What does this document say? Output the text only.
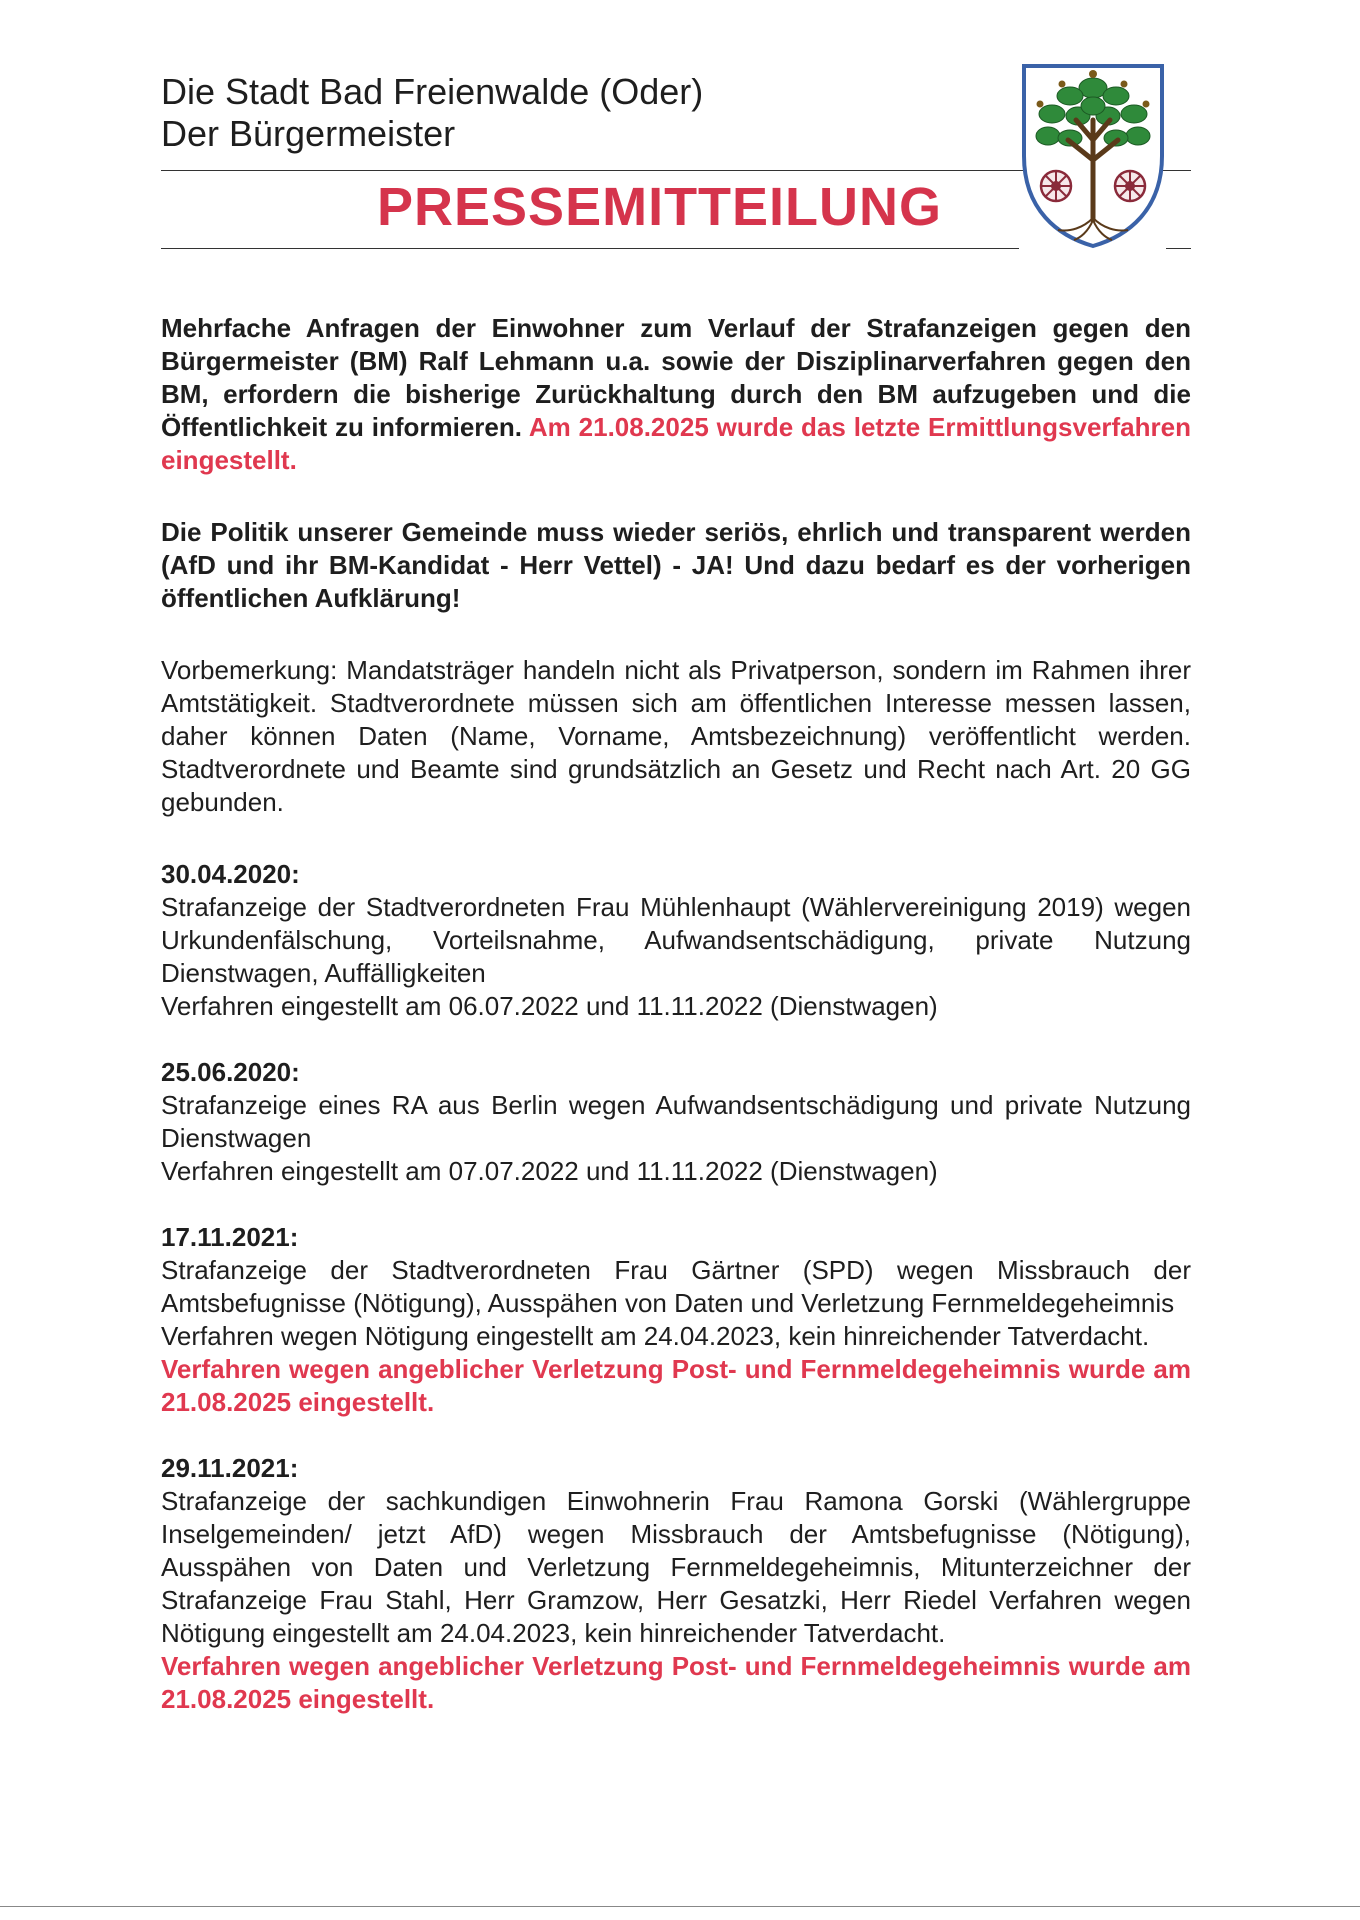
Die Stadt Bad Freienwalde (Oder)
Der Bürgermeister
PRESSEMITTEILUNG

Mehrfache Anfragen der Einwohner zum Verlauf der Strafanzeigen gegen den Bürgermeister (BM) Ralf Lehmann u.a. sowie der Disziplinarverfahren gegen den BM, erfordern die bisherige Zurückhaltung durch den BM aufzugeben und die Öffentlichkeit zu informieren. Am 21.08.2025 wurde das letzte Ermittlungsverfahren eingestellt.

Die Politik unserer Gemeinde muss wieder seriös, ehrlich und transparent werden (AfD und ihr BM-Kandidat - Herr Vettel) - JA! Und dazu bedarf es der vorherigen öffentlichen Aufklärung!

Vorbemerkung: Mandatsträger handeln nicht als Privatperson, sondern im Rahmen ihrer Amtstätigkeit. Stadtverordnete müssen sich am öffentlichen Interesse messen lassen, daher können Daten (Name, Vorname, Amtsbezeichnung) veröffentlicht werden. Stadtverordnete und Beamte sind grundsätzlich an Gesetz und Recht nach Art. 20 GG gebunden.

30.04.2020:
Strafanzeige der Stadtverordneten Frau Mühlenhaupt (Wählervereinigung 2019) wegen Urkundenfälschung, Vorteilsnahme, Aufwandsentschädigung, private Nutzung Dienstwagen, Auffälligkeiten
Verfahren eingestellt am 06.07.2022 und 11.11.2022 (Dienstwagen)
25.06.2020:
Strafanzeige eines RA aus Berlin wegen Aufwandsentschädigung und private Nutzung Dienstwagen
Verfahren eingestellt am 07.07.2022 und 11.11.2022 (Dienstwagen)
17.11.2021:
Strafanzeige der Stadtverordneten Frau Gärtner (SPD) wegen Missbrauch der Amtsbefugnisse (Nötigung), Ausspähen von Daten und Verletzung Fernmeldegeheimnis
Verfahren wegen Nötigung eingestellt am 24.04.2023, kein hinreichender Tatverdacht.
Verfahren wegen angeblicher Verletzung Post- und Fernmeldegeheimnis wurde am 21.08.2025 eingestellt.
29.11.2021:
Strafanzeige der sachkundigen Einwohnerin Frau Ramona Gorski (Wählergruppe Inselgemeinden/ jetzt AfD) wegen Missbrauch der Amtsbefugnisse (Nötigung), Ausspähen von Daten und Verletzung Fernmeldegeheimnis, Mitunterzeichner der Strafanzeige Frau Stahl, Herr Gramzow, Herr Gesatzki, Herr Riedel Verfahren wegen Nötigung eingestellt am 24.04.2023, kein hinreichender Tatverdacht.
Verfahren wegen angeblicher Verletzung Post- und Fernmeldegeheimnis wurde am 21.08.2025 eingestellt.
